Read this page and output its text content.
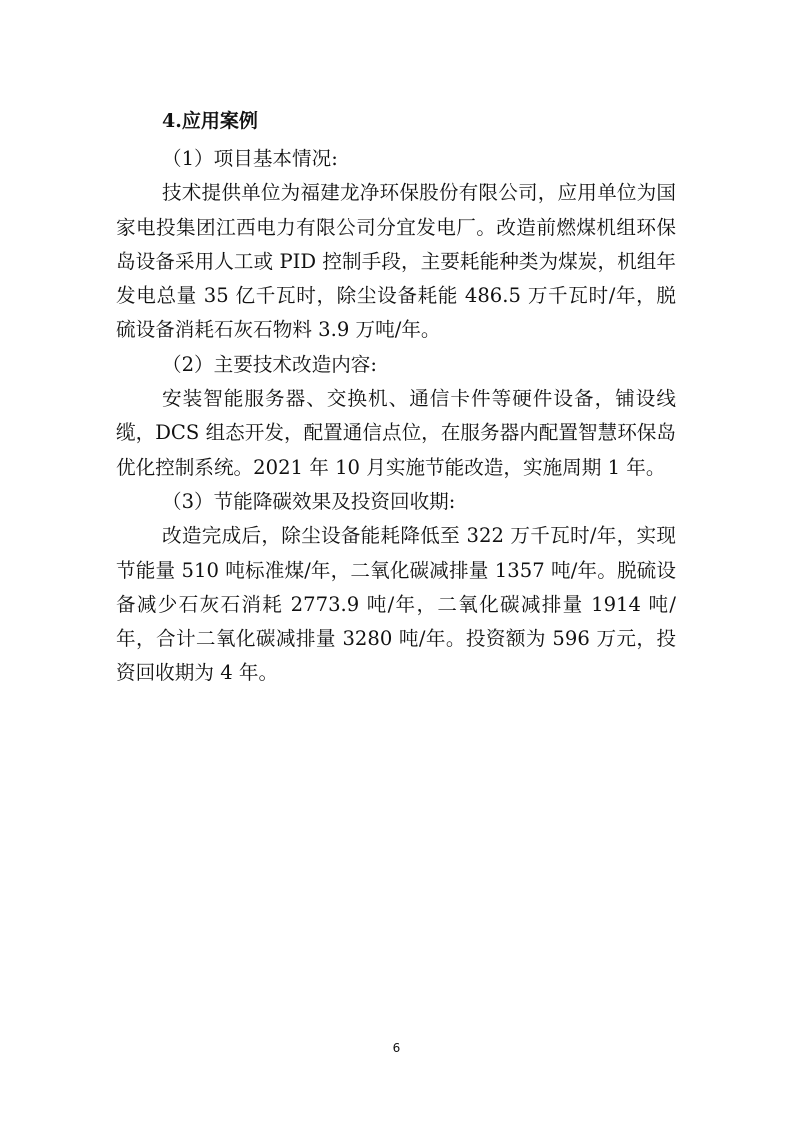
4.应用案例

（1）项目基本情况:

技术提供单位为福建龙净环保股份有限公司，应用单位为国家电投集团江西电力有限公司分宜发电厂。改造前燃煤机组环保岛设备采用人工或 PID 控制手段，主要耗能种类为煤炭，机组年发电总量 35 亿千瓦时，除尘设备耗能 486.5 万千瓦时/年，脱硫设备消耗石灰石物料 3.9 万吨/年。

（2）主要技术改造内容:

安装智能服务器、交换机、通信卡件等硬件设备，铺设线缆，DCS 组态开发，配置通信点位，在服务器内配置智慧环保岛优化控制系统。2021 年 10 月实施节能改造，实施周期 1 年。

（3）节能降碳效果及投资回收期:

改造完成后，除尘设备能耗降低至 322 万千瓦时/年，实现节能量 510 吨标准煤/年，二氧化碳减排量 1357 吨/年。脱硫设备减少石灰石消耗 2773.9 吨/年，二氧化碳减排量 1914 吨/年，合计二氧化碳减排量 3280 吨/年。投资额为 596 万元，投资回收期为 4 年。

6
